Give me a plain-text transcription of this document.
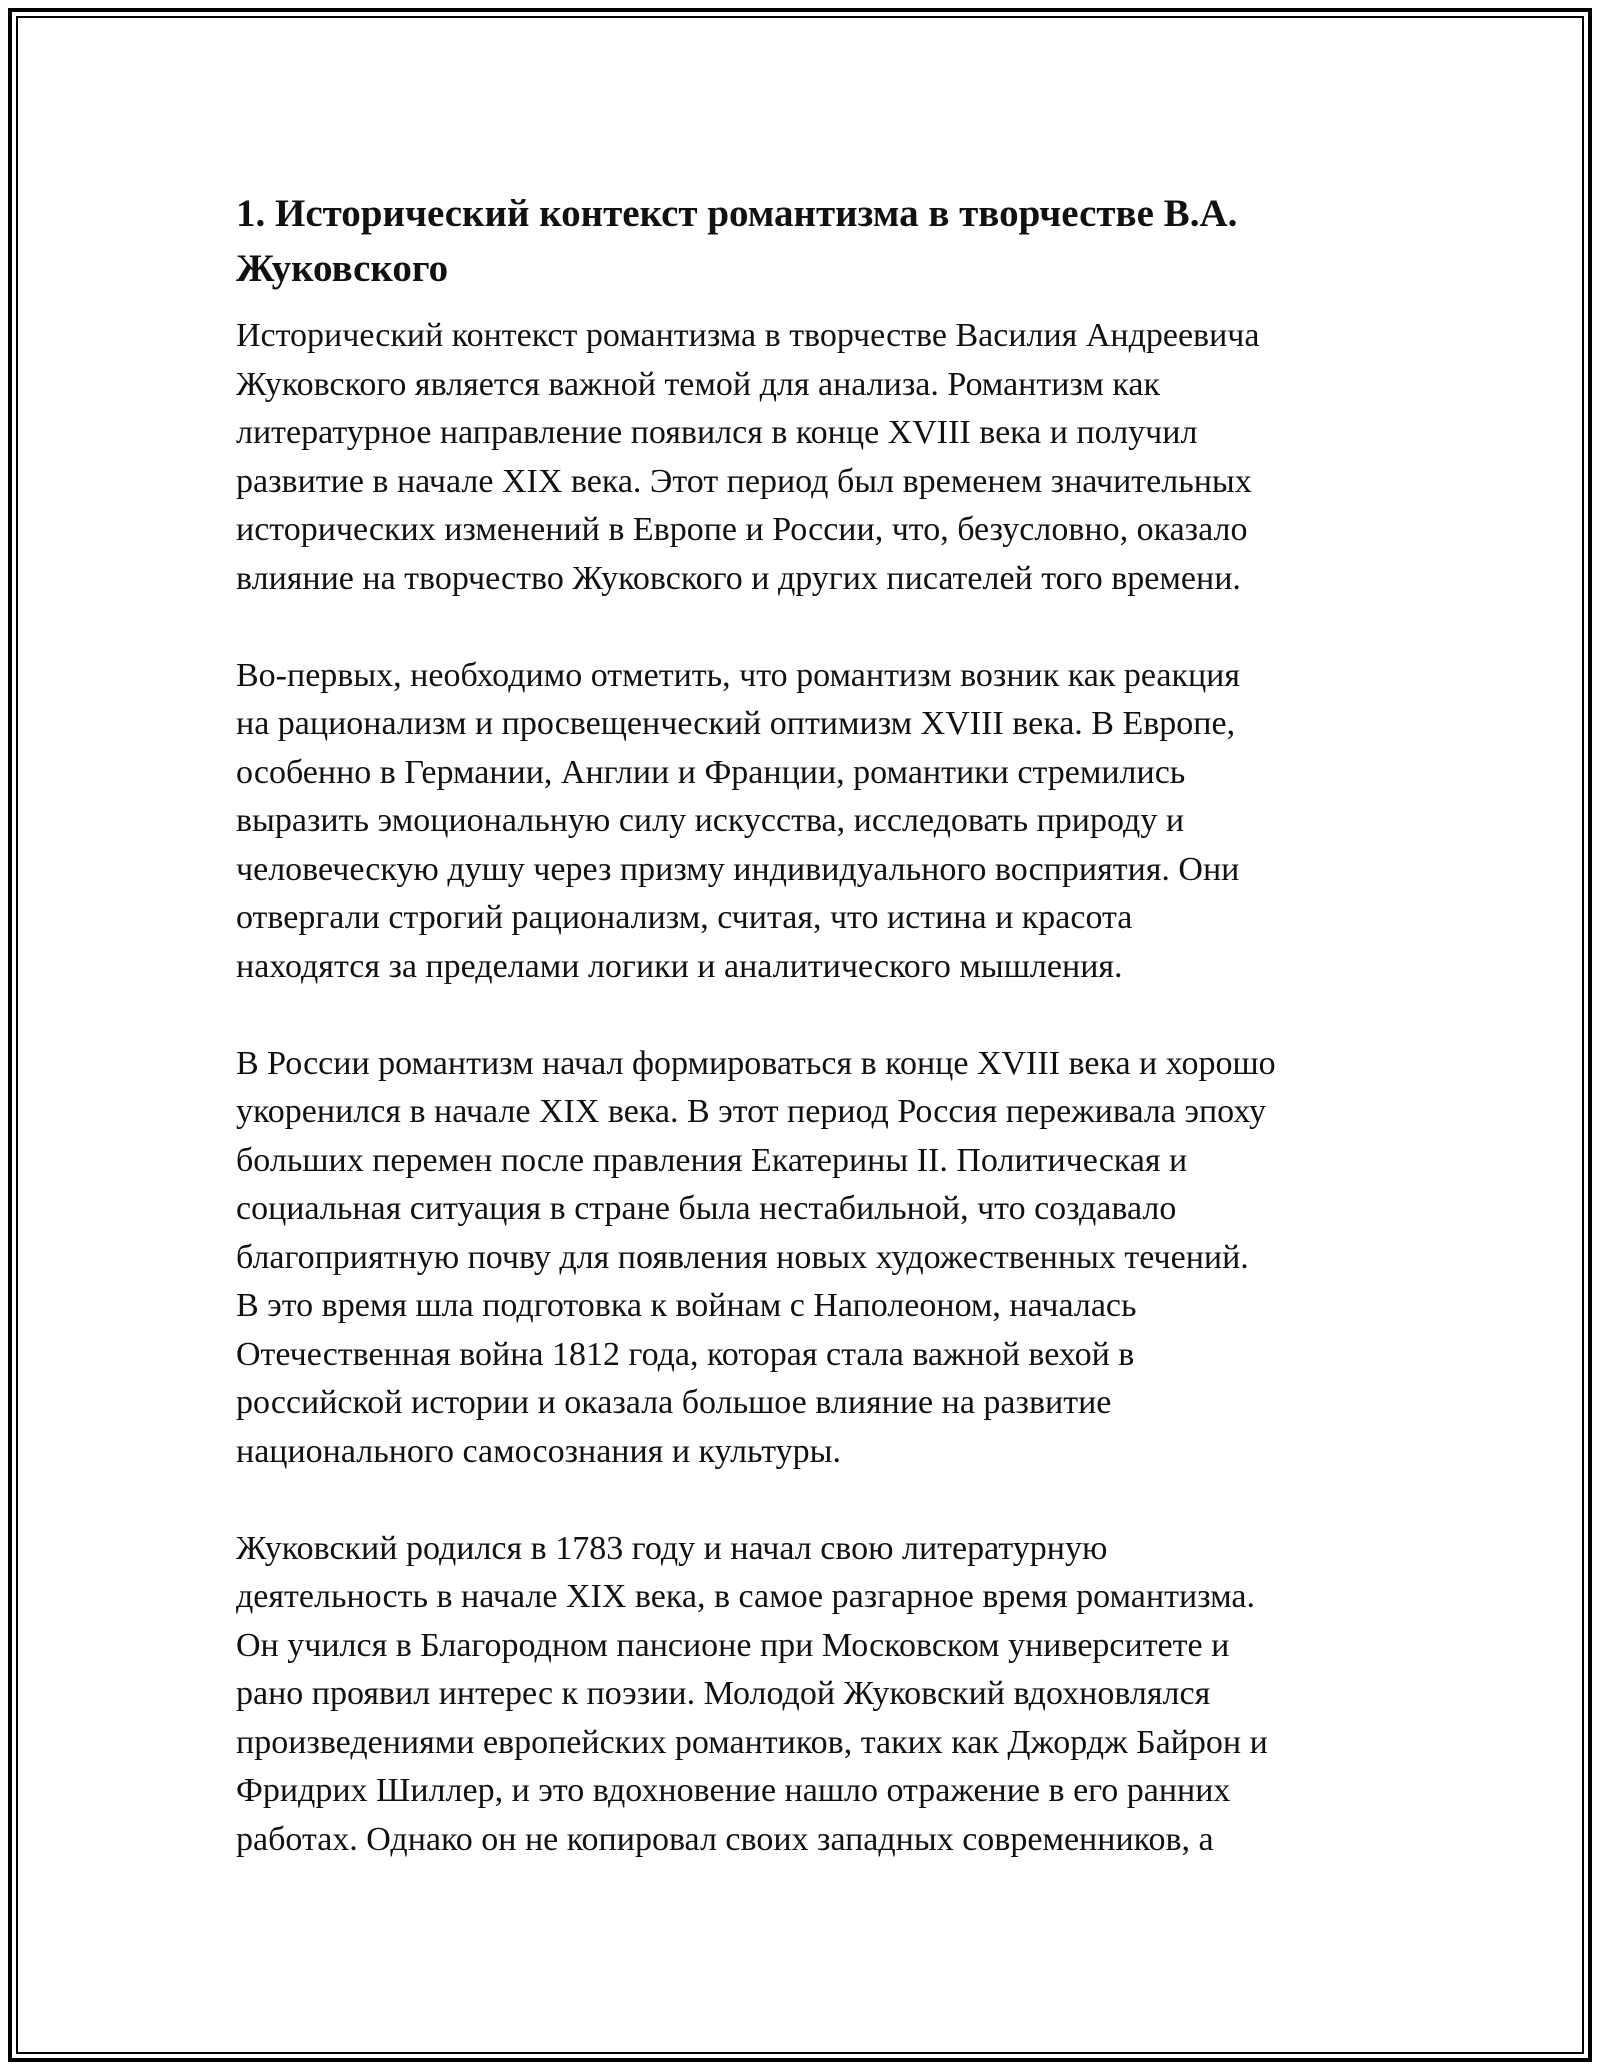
1. Исторический контекст романтизма в творчестве В.А.
Жуковского

Исторический контекст романтизма в творчестве Василия Андреевича
Жуковского является важной темой для анализа. Романтизм как
литературное направление появился в конце XVIII века и получил
развитие в начале XIX века. Этот период был временем значительных
исторических изменений в Европе и России, что, безусловно, оказало
влияние на творчество Жуковского и других писателей того времени.

Во-первых, необходимо отметить, что романтизм возник как реакция
на рационализм и просвещенческий оптимизм XVIII века. В Европе,
особенно в Германии, Англии и Франции, романтики стремились
выразить эмоциональную силу искусства, исследовать природу и
человеческую душу через призму индивидуального восприятия. Они
отвергали строгий рационализм, считая, что истина и красота
находятся за пределами логики и аналитического мышления.

В России романтизм начал формироваться в конце XVIII века и хорошо
укоренился в начале XIX века. В этот период Россия переживала эпоху
больших перемен после правления Екатерины II. Политическая и
социальная ситуация в стране была нестабильной, что создавало
благоприятную почву для появления новых художественных течений.
В это время шла подготовка к войнам с Наполеоном, началась
Отечественная война 1812 года, которая стала важной вехой в
российской истории и оказала большое влияние на развитие
национального самосознания и культуры.

Жуковский родился в 1783 году и начал свою литературную
деятельность в начале XIX века, в самое разгарное время романтизма.
Он учился в Благородном пансионе при Московском университете и
рано проявил интерес к поэзии. Молодой Жуковский вдохновлялся
произведениями европейских романтиков, таких как Джордж Байрон и
Фридрих Шиллер, и это вдохновение нашло отражение в его ранних
работах. Однако он не копировал своих западных современников, а
